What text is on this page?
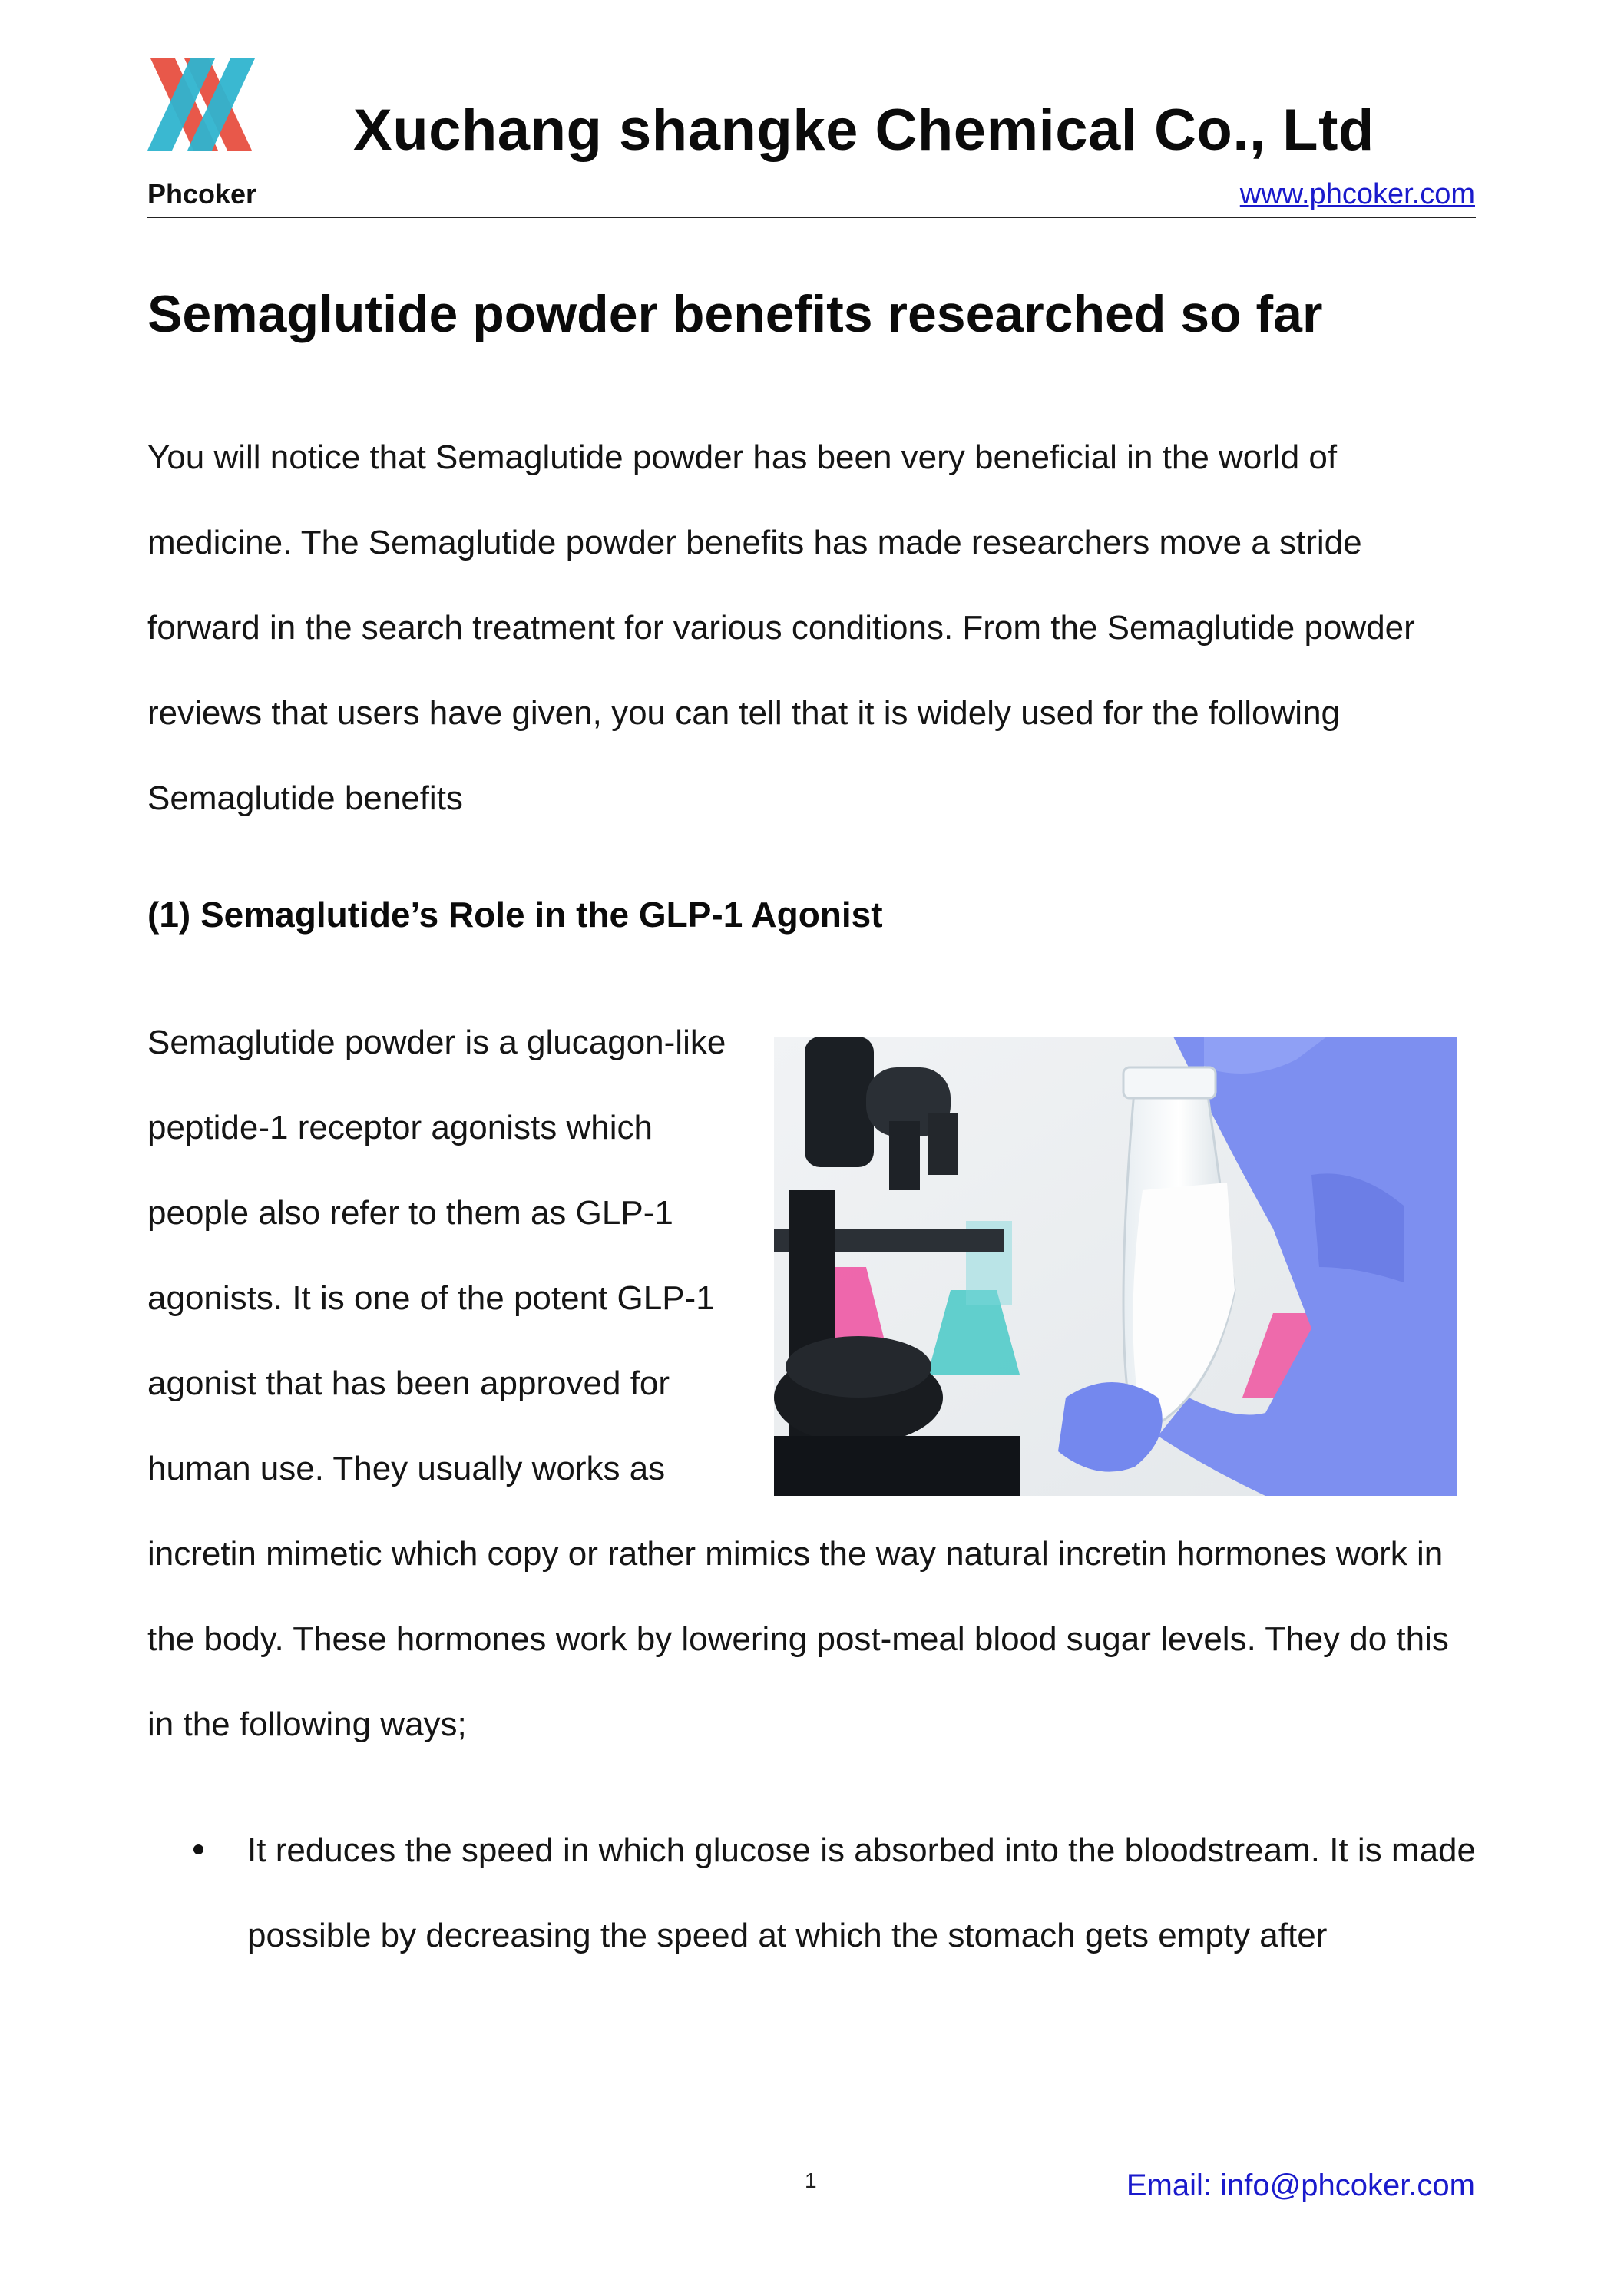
Xuchang shangke Chemical Co., Ltd
Phcoker	www.phcoker.com
Semaglutide powder benefits researched so far
You will notice that Semaglutide powder has been very beneficial in the world of medicine. The Semaglutide powder benefits has made researchers move a stride forward in the search treatment for various conditions. From the Semaglutide powder reviews that users have given, you can tell that it is widely used for the following Semaglutide benefits
(1) Semaglutide’s Role in the GLP-1 Agonist
Semaglutide powder is a glucagon-like peptide-1 receptor agonists which people also refer to them as GLP-1 agonists. It is one of the potent GLP-1 agonist that has been approved for human use. They usually works as
incretin mimetic which copy or rather mimics the way natural incretin hormones work in the body. These hormones work by lowering post-meal blood sugar levels. They do this in the following ways;
It reduces the speed in which glucose is absorbed into the bloodstream. It is made possible by decreasing the speed at which the stomach gets empty after
1	Email: info@phcoker.com
